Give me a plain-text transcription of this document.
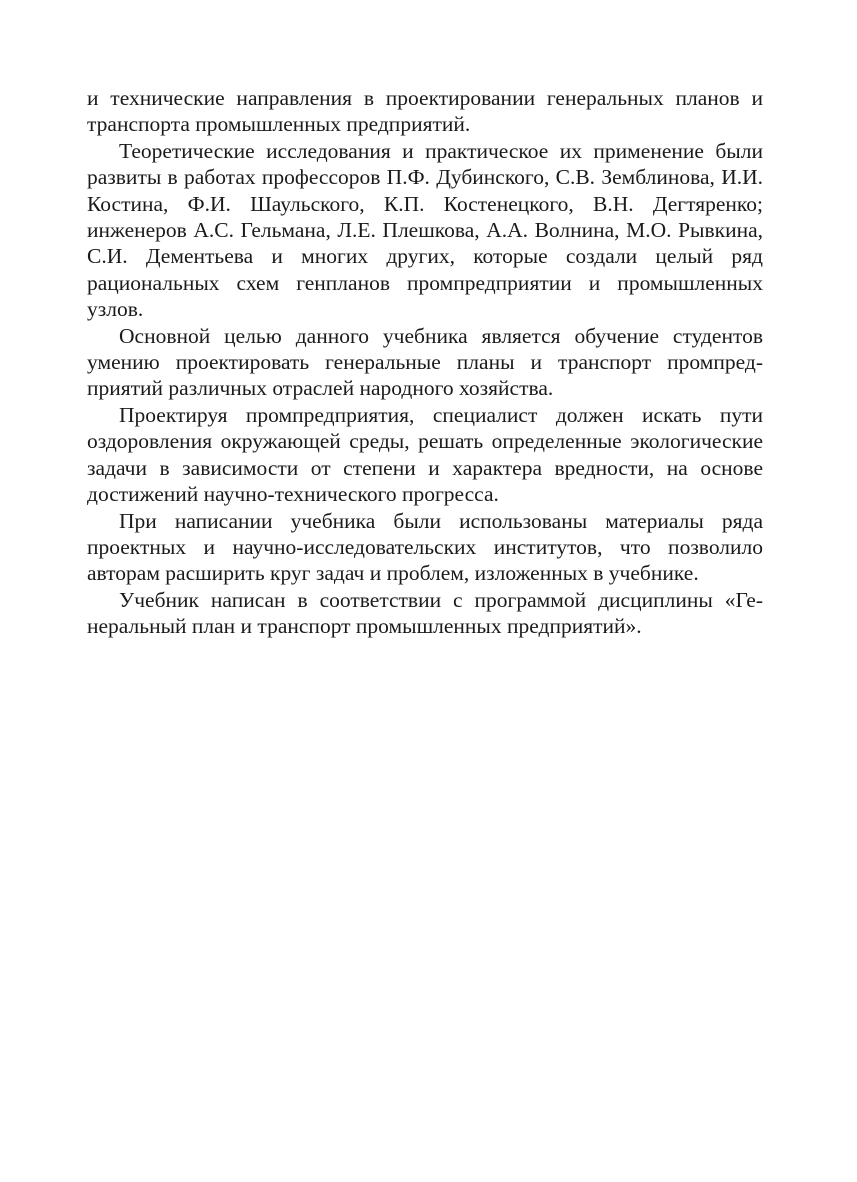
и технические направления в проектировании генеральных планов и транспорта промышленных предприятий.

Теоретические исследования и практическое их применение были развиты в работах профессоров П.Ф. Дубинского, С.В. Земблинова, И.И. Костина, Ф.И. Шаульского, К.П. Костенецкого, В.Н. Дегтяренко; инженеров А.С. Гельмана, Л.Е. Плешкова, А.А. Волнина, М.О. Рывкина, С.И. Дементьева и многих других, которые создали целый ряд рациональных схем генпланов промпредприятии и промышленных узлов.

Основной целью данного учебника является обучение студентов умению проектировать генеральные планы и транспорт промпредприятий различных отраслей народного хозяйства.

Проектируя промпредприятия, специалист должен искать пути оздоровления окружающей среды, решать определенные экологические задачи в зависимости от степени и характера вредности, на основе достижений научно-технического прогресса.

При написании учебника были использованы материалы ряда проектных и научно-исследовательских институтов, что позволило авторам расширить круг задач и проблем, изложенных в учебнике.

Учебник написан в соответствии с программой дисциплины «Генеральный план и транспорт промышленных предприятий».
